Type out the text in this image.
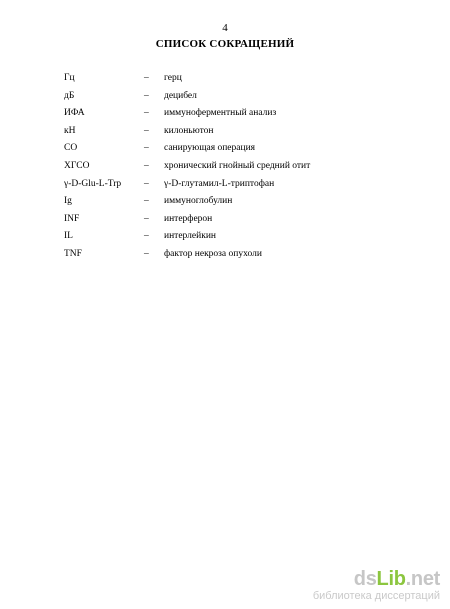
4
СПИСОК СОКРАЩЕНИЙ
Гц	– герц
дБ	– децибел
ИФА	– иммуноферментный анализ
кН	– килоньютон
СО	– санирующая операция
ХГСО	– хронический гнойный средний отит
γ-D-Glu-L-Trp – γ-D-глутамил-L-триптофан
Ig	– иммуноглобулин
INF	– интерферон
IL	– интерлейкин
TNF	– фактор некроза опухоли
dsLib.net
библиотека диссертаций
